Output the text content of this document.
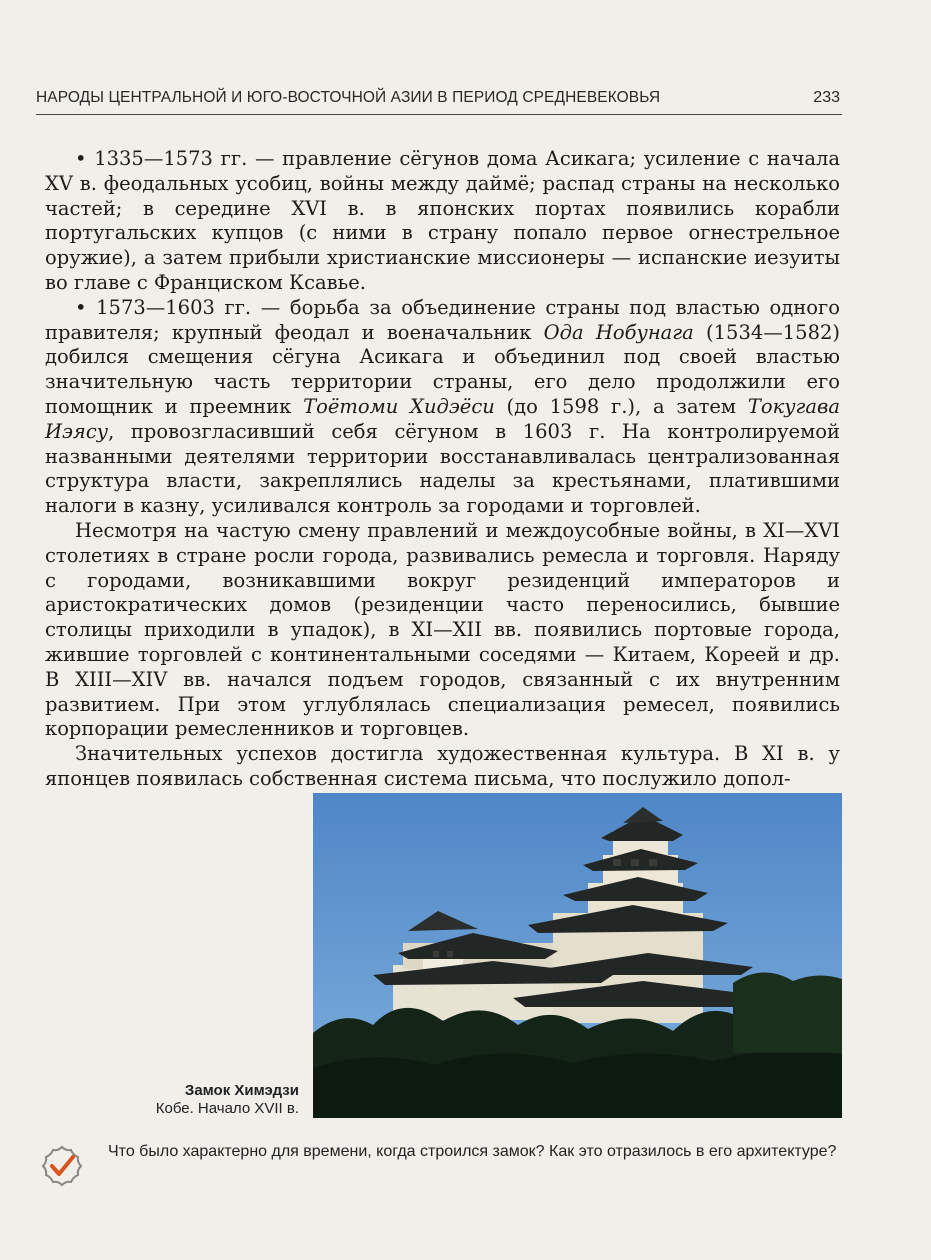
НАРОДЫ ЦЕНТРАЛЬНОЙ И ЮГО-ВОСТОЧНОЙ АЗИИ В ПЕРИОД СРЕДНЕВЕКОВЬЯ	233

• 1335—1573 гг. — правление сёгунов дома Асикага; усиление с начала XV в. феодальных усобиц, войны между даймё; распад страны на несколько частей; в середине XVI в. в японских портах появились корабли португальских купцов (с ними в страну попало первое огнестрельное оружие), а затем прибыли христианские миссионеры — испанские иезуиты во главе с Франциском Ксавье.

• 1573—1603 гг. — борьба за объединение страны под властью одного правителя; крупный феодал и военачальник Ода Нобунага (1534—1582) добился смещения сёгуна Асикага и объединил под своей властью значительную часть территории страны, его дело продолжили его помощник и преемник Тоётоми Хидэёси (до 1598 г.), а затем Токугава Иэясу, провозгласивший себя сёгуном в 1603 г. На контролируемой названными деятелями территории восстанавливалась централизованная структура власти, закреплялись наделы за крестьянами, платившими налоги в казну, усиливался контроль за городами и торговлей.

Несмотря на частую смену правлений и междоусобные войны, в XI—XVI столетиях в стране росли города, развивались ремесла и торговля. Наряду с городами, возникавшими вокруг резиденций императоров и аристократических домов (резиденции часто переносились, бывшие столицы приходили в упадок), в XI—XII вв. появились портовые города, жившие торговлей с континентальными соседями — Китаем, Кореей и др. В XIII—XIV вв. начался подъем городов, связанный с их внутренним развитием. При этом углублялась специализация ремесел, появились корпорации ремесленников и торговцев.

Значительных успехов достигла художественная культура. В XI в. у японцев появилась собственная система письма, что послужило допол-

Замок Химэдзи
Кобе. Начало XVII в.
Что было характерно для времени, когда строился замок? Как это отразилось в его архитектуре?
